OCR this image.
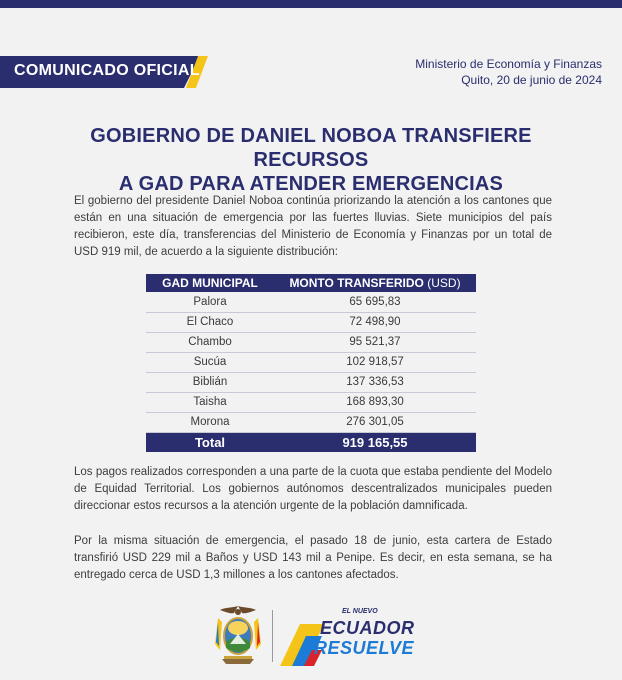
COMUNICADO OFICIAL	Ministerio de Economía y Finanzas
Quito, 20 de junio de 2024
GOBIERNO DE DANIEL NOBOA TRANSFIERE RECURSOS
A GAD PARA ATENDER EMERGENCIAS

El gobierno del presidente Daniel Noboa continúa priorizando la atención a los cantones que están en una situación de emergencia por las fuertes lluvias. Siete municipios del país recibieron, este día, transferencias del Ministerio de Economía y Finanzas por un total de USD 919 mil, de acuerdo a la siguiente distribución:

GAD MUNICIPAL	MONTO TRANSFERIDO (USD)
Palora	65 695,83
El Chaco	72 498,90
Chambo	95 521,37
Sucúa	102 918,57
Biblián	137 336,53
Taisha	168 893,30
Morona	276 301,05
Total	919 165,55

Los pagos realizados corresponden a una parte de la cuota que estaba pendiente del Modelo de Equidad Territorial. Los gobiernos autónomos descentralizados municipales pueden direccionar estos recursos a la atención urgente de la población damnificada.

Por la misma situación de emergencia, el pasado 18 de junio, esta cartera de Estado transfirió USD 229 mil a Baños y USD 143 mil a Penipe. Es decir, en esta semana, se ha entregado cerca de USD 1,3 millones a los cantones afectados.

EL NUEVO
ECUADOR
RESUELVE
